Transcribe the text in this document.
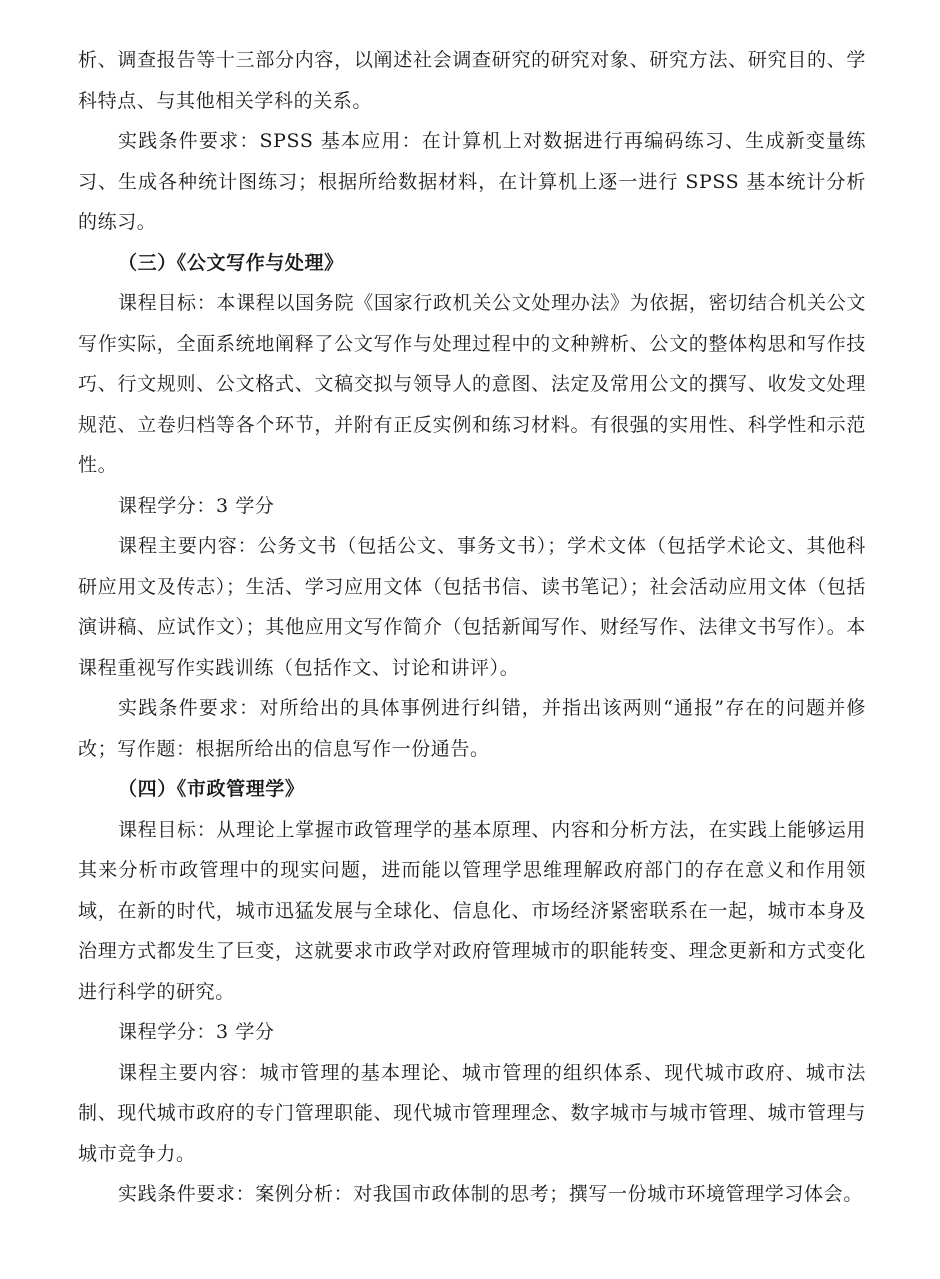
析、调查报告等十三部分内容，以阐述社会调查研究的研究对象、研究方法、研究目的、学科特点、与其他相关学科的关系。

实践条件要求：SPSS 基本应用：在计算机上对数据进行再编码练习、生成新变量练习、生成各种统计图练习；根据所给数据材料，在计算机上逐一进行 SPSS 基本统计分析的练习。

（三）《公文写作与处理》

课程目标：本课程以国务院《国家行政机关公文处理办法》为依据，密切结合机关公文写作实际，全面系统地阐释了公文写作与处理过程中的文种辨析、公文的整体构思和写作技巧、行文规则、公文格式、文稿交拟与领导人的意图、法定及常用公文的撰写、收发文处理规范、立卷归档等各个环节，并附有正反实例和练习材料。有很强的实用性、科学性和示范性。

课程学分：3 学分

课程主要内容：公务文书（包括公文、事务文书）；学术文体（包括学术论文、其他科研应用文及传志）；生活、学习应用文体（包括书信、读书笔记）；社会活动应用文体（包括演讲稿、应试作文）；其他应用文写作简介（包括新闻写作、财经写作、法律文书写作）。本课程重视写作实践训练（包括作文、讨论和讲评）。

实践条件要求：对所给出的具体事例进行纠错，并指出该两则“通报”存在的问题并修改；写作题：根据所给出的信息写作一份通告。

（四）《市政管理学》

课程目标：从理论上掌握市政管理学的基本原理、内容和分析方法，在实践上能够运用其来分析市政管理中的现实问题，进而能以管理学思维理解政府部门的存在意义和作用领域，在新的时代，城市迅猛发展与全球化、信息化、市场经济紧密联系在一起，城市本身及治理方式都发生了巨变，这就要求市政学对政府管理城市的职能转变、理念更新和方式变化进行科学的研究。

课程学分：3 学分

课程主要内容：城市管理的基本理论、城市管理的组织体系、现代城市政府、城市法制、现代城市政府的专门管理职能、现代城市管理理念、数字城市与城市管理、城市管理与城市竞争力。

实践条件要求：案例分析：对我国市政体制的思考；撰写一份城市环境管理学习体会。
